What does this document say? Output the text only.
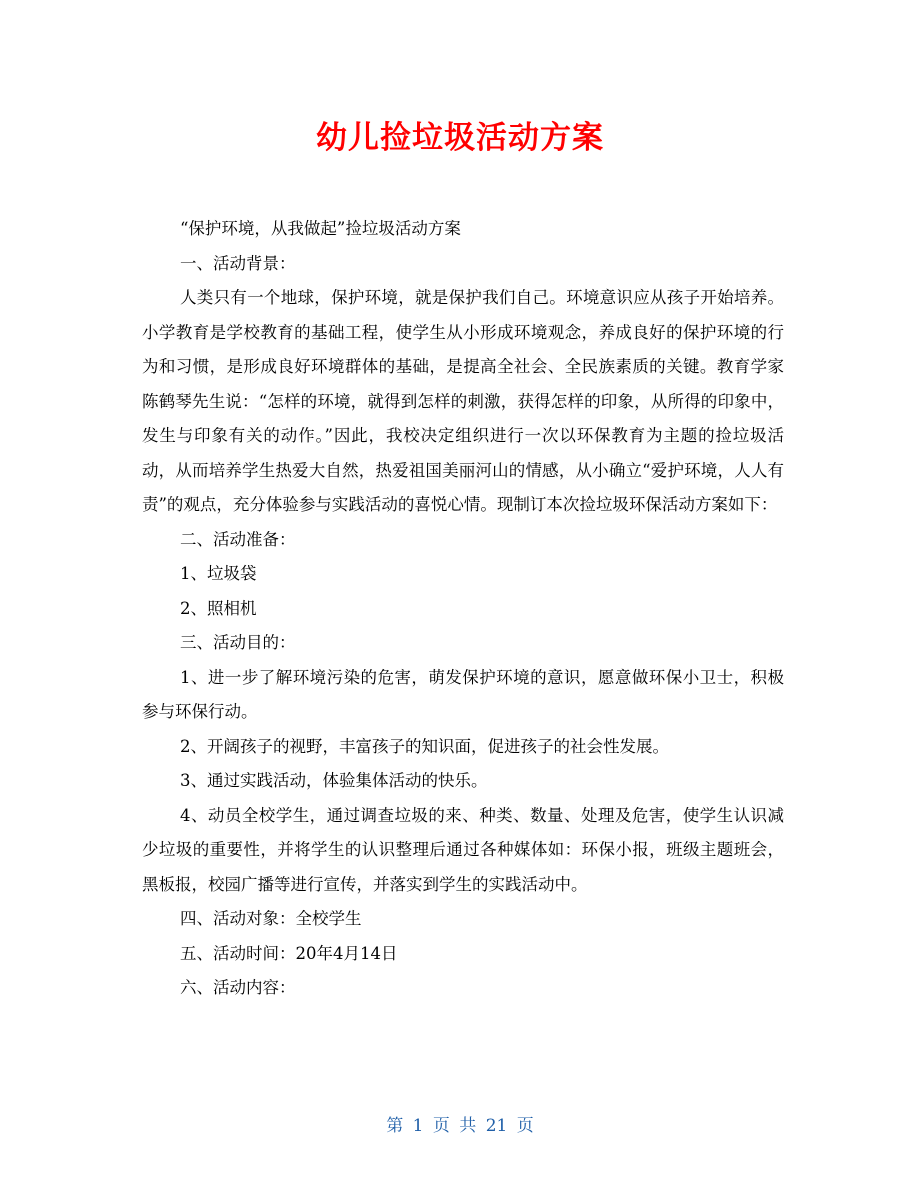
幼儿捡垃圾活动方案

“保护环境，从我做起”捡垃圾活动方案

一、活动背景：

人类只有一个地球，保护环境，就是保护我们自己。环境意识应从孩子开始培养。小学教育是学校教育的基础工程，使学生从小形成环境观念，养成良好的保护环境的行为和习惯，是形成良好环境群体的基础，是提高全社会、全民族素质的关键。教育学家陈鹤琴先生说：“怎样的环境，就得到怎样的刺激，获得怎样的印象，从所得的印象中，发生与印象有关的动作。”因此，我校决定组织进行一次以环保教育为主题的捡垃圾活动，从而培养学生热爱大自然，热爱祖国美丽河山的情感，从小确立“爱护环境，人人有责”的观点，充分体验参与实践活动的喜悦心情。现制订本次捡垃圾环保活动方案如下：

二、活动准备：

1、垃圾袋

2、照相机

三、活动目的：

1、进一步了解环境污染的危害，萌发保护环境的意识，愿意做环保小卫士，积极参与环保行动。

2、开阔孩子的视野，丰富孩子的知识面，促进孩子的社会性发展。

3、通过实践活动，体验集体活动的快乐。

4、动员全校学生，通过调查垃圾的来、种类、数量、处理及危害，使学生认识减少垃圾的重要性，并将学生的认识整理后通过各种媒体如：环保小报，班级主题班会，黑板报，校园广播等进行宣传，并落实到学生的实践活动中。

四、活动对象：全校学生

五、活动时间：20年4月14日

六、活动内容：

第 1 页 共 21 页
